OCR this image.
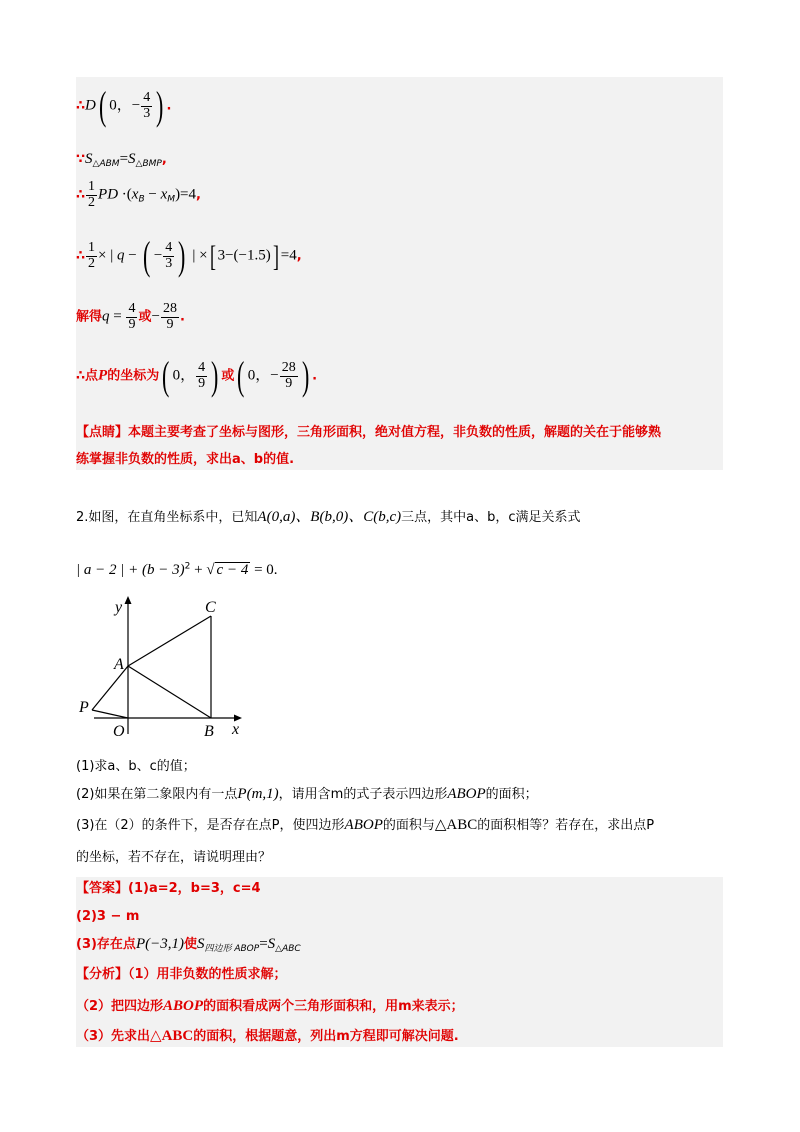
∴D( 0，− $\frac{4}{3}$ ) .
$\because S_{\triangle ABM}=S_{\triangle BMP}$,
∴ $\frac{1}{2}$ PD $\cdot(x_B - x_M)=4$,
∴ $\frac{1}{2}$ × | q − ( − $\frac{4}{3}$ ) | ×[ 3−(−1.5)] =4,
解得$q = \frac{4}{9}$ 或− $\frac{28}{9}$ .
∴点P的坐标为( 0， $\frac{4}{9}$ ) 或( 0，− $\frac{28}{9}$ ) .
【点睛】本题主要考查了坐标与图形，三角形面积，绝对值方程，非负数的性质，解题的关在于能够熟
练掌握非负数的性质，求出a、b的值.
2.如图，在直角坐标系中，已知A(0,a)、B(b,0)、C(b,c)三点，其中a、b，c满足关系式
| a − 2 | + $(b - 3)^2$ + √ c − 4 = 0.
y
x
C
A
P
O	B
(1)求a、b、c的值；
(2)如果在第二象限内有一点P(m,1)，请用含m的式子表示四边形ABOP的面积；
(3)在（2）的条件下，是否存在点P，使四边形ABOP的面积与△ABC的面积相等？若存在，求出点P
的坐标，若不存在，请说明理由？
【答案】(1)a=2，b=3，c=4
(2)3 − m
(3)存在点P(−3,1)使$S_{四边形 ABOP}=S_{\triangle ABC}$
【分析】（1）用非负数的性质求解；
（2）把四边形ABOP的面积看成两个三角形面积和，用m来表示；
（3）先求出△ABC的面积，根据题意，列出m方程即可解决问题.
